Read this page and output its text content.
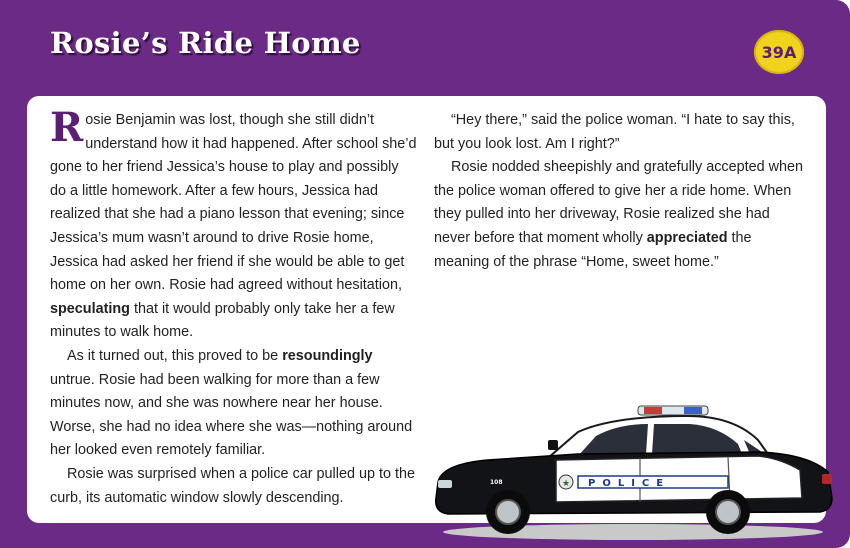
Rosie’s Ride Home	39A

Rosie Benjamin was lost, though she still didn’t understand how it had happened. After school she’d gone to her friend Jessica’s house to play and possibly do a little homework. After a few hours, Jessica had realized that she had a piano lesson that evening; since Jessica’s mum wasn’t around to drive Rosie home, Jessica had asked her friend if she would be able to get home on her own. Rosie had agreed without hesitation, speculating that it would probably only take her a few minutes to walk home.

As it turned out, this proved to be resoundingly untrue. Rosie had been walking for more than a few minutes now, and she was nowhere near her house. Worse, she had no idea where she was—nothing around her looked even remotely familiar.

Rosie was surprised when a police car pulled up to the curb, its automatic window slowly descending.

“Hey there,” said the police woman. “I hate to say this, but you look lost. Am I right?”

Rosie nodded sheepishly and gratefully accepted when the police woman offered to give her a ride home. When they pulled into her driveway, Rosie realized she had never before that moment wholly appreciated the meaning of the phrase “Home, sweet home.”

POLICE
★
EMERGENCY
911
108
